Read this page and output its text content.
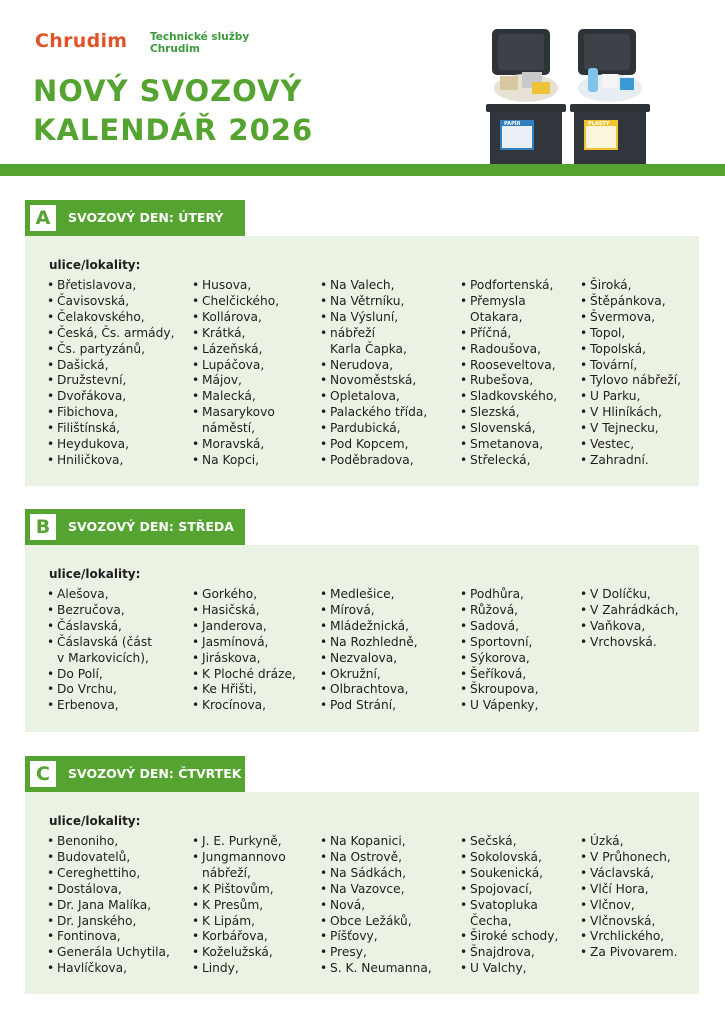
Chrudim Technické služby
Chrudim
NOVÝ SVOZOVÝ
KALENDÁŘ 2026	PAPÍR	PLASTY
A	SVOZOVÝ DEN: ÚTERÝ
ulice/lokality:
• Břetislavova,
• Čavisovská,
• Čelakovského,
• Česká, Čs. armády,
• Čs. partyzánů,
• Dašická,
• Družstevní,
• Dvořákova,
• Fibichova,
• Filištínská,
• Heydukova,
• Hniličkova,
• Husova,
• Chelčického,
• Kollárova,
• Krátká,
• Lázeňská,
• Lupáčova,
• Májov,
• Malecká,
• Masarykovo
náměstí,
• Moravská,
• Na Kopci,
• Na Valech,
• Na Větrníku,
• Na Výsluní,
• nábřeží
Karla Čapka,
• Nerudova,
• Novoměstská,
• Opletalova,
• Palackého třída,
• Pardubická,
• Pod Kopcem,
• Poděbradova,
• Podfortenská,
• Přemysla
Otakara,
• Příčná,
• Radoušova,
• Rooseveltova,
• Rubešova,
• Sladkovského,
• Slezská,
• Slovenská,
• Smetanova,
• Střelecká,
• Široká,
• Štěpánkova,
• Švermova,
• Topol,
• Topolská,
• Tovární,
• Tylovo nábřeží,
• U Parku,
• V Hliníkách,
• V Tejnecku,
• Vestec,
• Zahradní.
B	SVOZOVÝ DEN: STŘEDA
ulice/lokality:
• Alešova,
• Bezručova,
• Čáslavská,
• Čáslavská (část
v Markovicích),
• Do Polí,
• Do Vrchu,
• Erbenova,
• Gorkého,
• Hasičská,
• Janderova,
• Jasmínová,
• Jiráskova,
• K Ploché dráze,
• Ke Hřišti,
• Krocínova,
• Medlešice,
• Mírová,
• Mládežnická,
• Na Rozhledně,
• Nezvalova,
• Okružní,
• Olbrachtova,
• Pod Strání,
• Podhůra,
• Růžová,
• Sadová,
• Sportovní,
• Sýkorova,
• Šeříková,
• Škroupova,
• U Vápenky,
• V Dolíčku,
• V Zahrádkách,
• Vaňkova,
• Vrchovská.
C	SVOZOVÝ DEN: ČTVRTEK
ulice/lokality:
• Benoniho,
• Budovatelů,
• Cereghettiho,
• Dostálova,
• Dr. Jana Malíka,
• Dr. Janského,
• Fontinova,
• Generála Uchytila,
• Havlíčkova,
• J. E. Purkyně,
• Jungmannovo
nábřeží,
• K Pištovům,
• K Presům,
• K Lipám,
• Korbářova,
• Koželužská,
• Lindy,
• Na Kopanici,
• Na Ostrově,
• Na Sádkách,
• Na Vazovce,
• Nová,
• Obce Ležáků,
• Píšťovy,
• Presy,
• S. K. Neumanna,
• Sečská,
• Sokolovská,
• Soukenická,
• Spojovací,
• Svatopluka
Čecha,
• Široké schody,
• Šnajdrova,
• U Valchy,
• Úzká,
• V Průhonech,
• Václavská,
• Vlčí Hora,
• Vlčnov,
• Vlčnovská,
• Vrchlického,
• Za Pivovarem.
